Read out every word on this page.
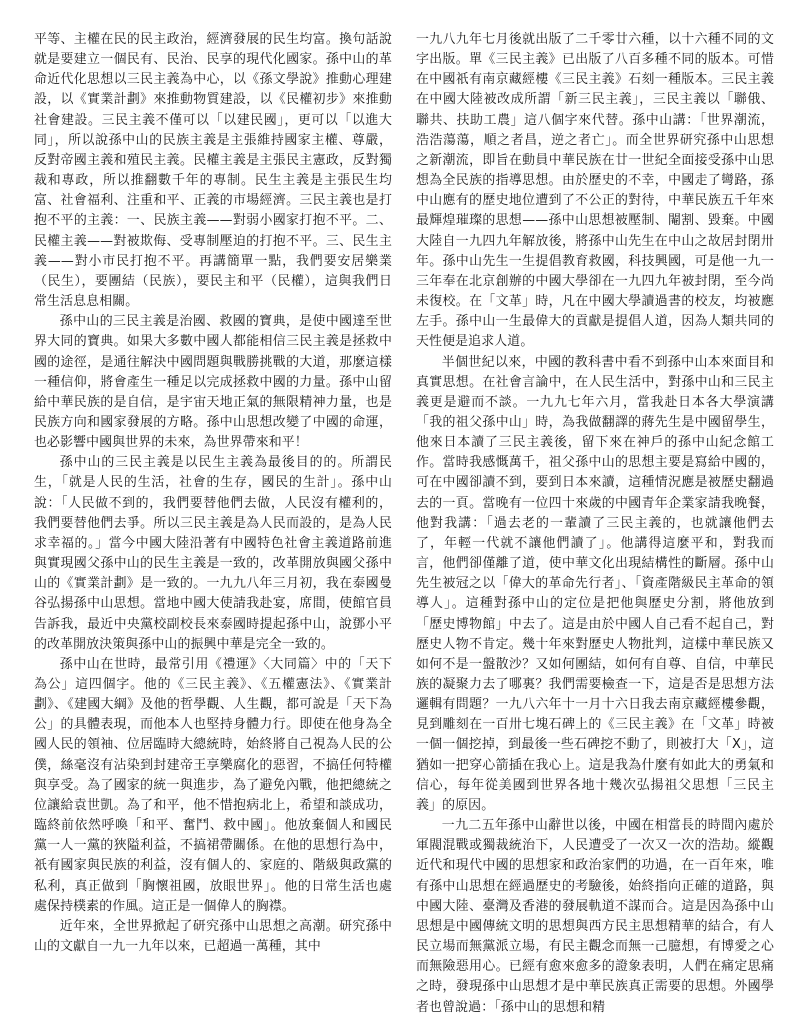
平等、主權在民的民主政治，經濟發展的民生均富。換句話說就是要建立一個民有、民治、民享的現代化國家。孫中山的革命近代化思想以三民主義為中心，以《孫文學說》推動心理建設，以《實業計劃》來推動物質建設，以《民權初步》來推動社會建設。三民主義不僅可以「以建民國」，更可以「以進大同」，所以說孫中山的民族主義是主張維持國家主權、尊嚴，反對帝國主義和殖民主義。民權主義是主張民主憲政，反對獨裁和專政，所以推翻數千年的專制。民生主義是主張民生均富、社會福利、注重和平、正義的市場經濟。三民主義也是打抱不平的主義：一、民族主義——對弱小國家打抱不平。二、民權主義——對被欺侮、受專制壓迫的打抱不平。三、民生主義——對小市民打抱不平。再講簡單一點，我們要安居樂業（民生），要團結（民族），要民主和平（民權），這與我們日常生活息息相關。

孫中山的三民主義是治國、救國的寶典，是使中國達至世界大同的寶典。如果大多數中國人都能相信三民主義是拯救中國的途徑，是通往解決中國問題與戰勝挑戰的大道，那麼這樣一種信仰，將會產生一種足以完成拯救中國的力量。孫中山留給中華民族的是自信，是宇宙天地正氣的無限精神力量，也是民族方向和國家發展的方略。孫中山思想改變了中國的命運，也必影響中國與世界的未來，為世界帶來和平！

孫中山的三民主義是以民生主義為最後目的的。所謂民生，「就是人民的生活，社會的生存，國民的生計」。孫中山說：「人民做不到的，我們要替他們去做，人民沒有權利的，我們要替他們去爭。所以三民主義是為人民而設的，是為人民求幸福的。」當今中國大陸沿著有中國特色社會主義道路前進與實現國父孫中山的民生主義是一致的，改革開放與國父孫中山的《實業計劃》是一致的。一九九八年三月初，我在泰國曼谷弘揚孫中山思想。當地中國大使請我赴宴，席間，使館官員告訴我，最近中央黨校副校長來泰國時提起孫中山，說鄧小平的改革開放決策與孫中山的振興中華是完全一致的。

孫中山在世時，最常引用《禮運》〈大同篇〉中的「天下為公」這四個字。他的《三民主義》、《五權憲法》、《實業計劃》、《建國大綱》及他的哲學觀、人生觀，都可說是「天下為公」的具體表現，而他本人也堅持身體力行。即使在他身為全國人民的領袖、位居臨時大總統時，始終將自己視為人民的公僕，絲毫沒有沾染到封建帝王享樂腐化的惡習，不搞任何特權與享受。為了國家的統一與進步，為了避免內戰，他把總統之位讓給袁世凱。為了和平，他不惜抱病北上，希望和談成功，臨終前依然呼喚「和平、奮鬥、救中國」。他放棄個人和國民黨一人一黨的狹隘利益，不搞裙帶關係。在他的思想行為中，祇有國家與民族的利益，沒有個人的、家庭的、階級與政黨的私利，真正做到「胸懷祖國，放眼世界」。他的日常生活也處處保持樸素的作風。這正是一個偉人的胸襟。

近年來，全世界掀起了研究孫中山思想之高潮。研究孫中山的文獻自一九一九年以來，已超過一萬種，其中

一九八九年七月後就出版了二千零廿六種，以十六種不同的文字出版。單《三民主義》已出版了八百多種不同的版本。可惜在中國祇有南京藏經樓《三民主義》石刻一種版本。三民主義在中國大陸被改成所謂「新三民主義」，三民主義以「聯俄、聯共、扶助工農」這八個字來代替。孫中山講：「世界潮流，浩浩蕩蕩，順之者昌，逆之者亡」。而全世界研究孫中山思想之新潮流，即旨在動員中華民族在廿一世紀全面接受孫中山思想為全民族的指導思想。由於歷史的不幸，中國走了彎路，孫中山應有的歷史地位遭到了不公正的對待，中華民族五千年來最輝煌璀璨的思想——孫中山思想被壓制、閹割、毀棄。中國大陸自一九四九年解放後，將孫中山先生在中山之故居封閉卅年。孫中山先生一生提倡教育救國，科技興國，可是他一九一三年奉在北京創辦的中國大學卻在一九四九年被封閉，至今尚未復校。在「文革」時，凡在中國大學讀過書的校友，均被應左手。孫中山一生最偉大的貢獻是提倡人道，因為人類共同的天性便是追求人道。

半個世紀以來，中國的教科書中看不到孫中山本來面目和真實思想。在社會言論中，在人民生活中，對孫中山和三民主義更是避而不談。一九九七年六月，當我赴日本各大學演講「我的祖父孫中山」時，為我做翻譯的蔣先生是中國留學生，他來日本讀了三民主義後，留下來在神戶的孫中山紀念館工作。當時我感慨萬千，祖父孫中山的思想主要是寫給中國的，可在中國卻讀不到，要到日本來讀，這種情況應是被歷史翻過去的一頁。當晚有一位四十來歲的中國青年企業家請我晚餐，他對我講：「過去老的一輩讀了三民主義的，也就讓他們去了，年輕一代就不讓他們讀了」。他講得這麼平和，對我而言，他們卻僅離了道，使中華文化出現結構性的斷層。孫中山先生被冠之以「偉大的革命先行者」、「資產階級民主革命的領導人」。這種對孫中山的定位是把他與歷史分割，將他放到「歷史博物館」中去了。這是由於中國人自己看不起自己，對歷史人物不肯定。幾十年來對歷史人物批判，這樣中華民族又如何不是一盤散沙？又如何團結，如何有自尊、自信，中華民族的凝聚力去了哪裏？我們需要檢查一下，這是否是思想方法邏輯有問題？一九八六年十一月十六日我去南京藏經樓參觀，見到雕刻在一百卅七塊石碑上的《三民主義》在「文革」時被一個一個挖掉，到最後一些石碑挖不動了，則被打大「X」，這猶如一把穿心箭插在我心上。這是我為什麼有如此大的勇氣和信心，每年從美國到世界各地十幾次弘揚祖父思想「三民主義」的原因。

一九二五年孫中山辭世以後，中國在相當長的時間內處於軍閥混戰或獨裁統治下，人民遭受了一次又一次的浩劫。縱觀近代和現代中國的思想家和政治家們的功過，在一百年來，唯有孫中山思想在經過歷史的考驗後，始終指向正確的道路，與中國大陸、臺灣及香港的發展軌道不謀而合。這是因為孫中山思想是中國傳統文明的思想與西方民主思想精華的結合，有人民立場而無黨派立場，有民主觀念而無一己臆想，有博愛之心而無險惡用心。已經有愈來愈多的證象表明，人們在痛定思痛之時，發現孫中山思想才是中華民族真正需要的思想。外國學者也曾說過：「孫中山的思想和精
